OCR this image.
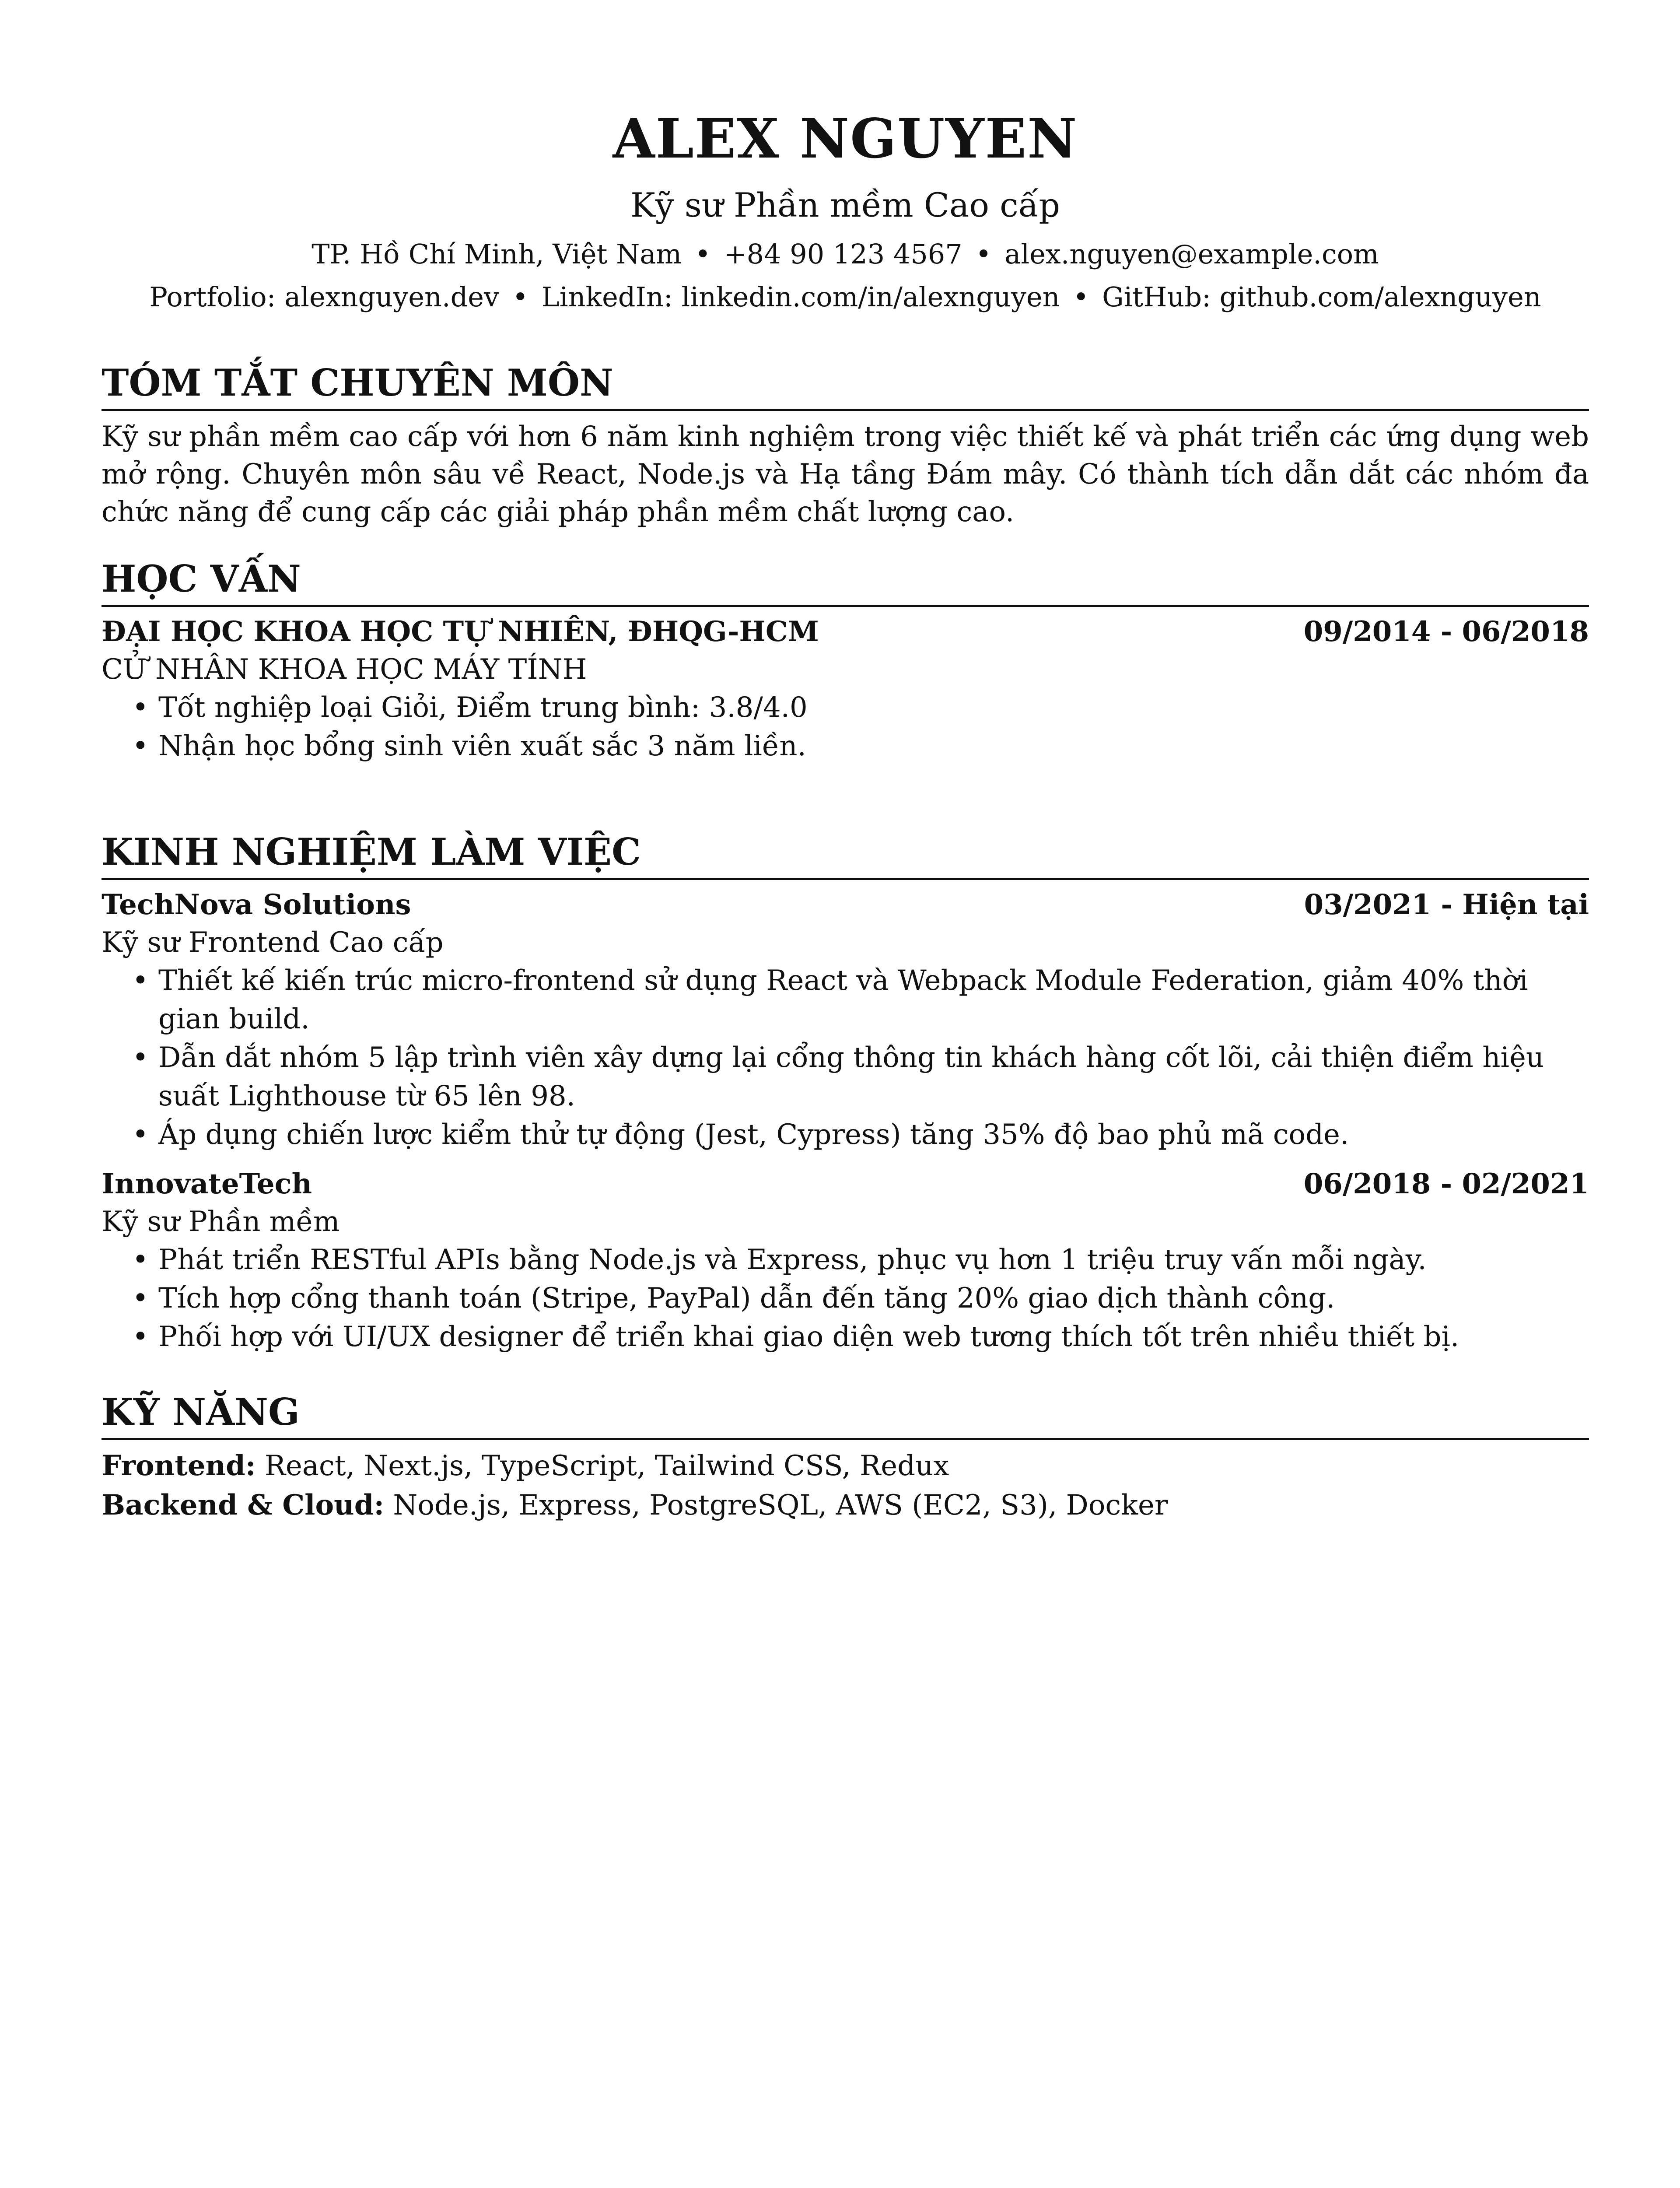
ALEX NGUYEN
Kỹ sư Phần mềm Cao cấp
TP. Hồ Chí Minh, Việt Nam • +84 90 123 4567 • alex.nguyen@example.com
Portfolio: alexnguyen.dev • LinkedIn: linkedin.com/in/alexnguyen • GitHub: github.com/alexnguyen
TÓM TẮT CHUYÊN MÔN
Kỹ sư phần mềm cao cấp với hơn 6 năm kinh nghiệm trong việc thiết kế và phát triển các ứng dụng web mở rộng. Chuyên môn sâu về React, Node.js và Hạ tầng Đám mây. Có thành tích dẫn dắt các nhóm đa chức năng để cung cấp các giải pháp phần mềm chất lượng cao.
HỌC VẤN
ĐẠI HỌC KHOA HỌC TỰ NHIÊN, ĐHQG-HCM	09/2014 - 06/2018
CỬ NHÂN KHOA HỌC MÁY TÍNH
• Tốt nghiệp loại Giỏi, Điểm trung bình: 3.8/4.0
• Nhận học bổng sinh viên xuất sắc 3 năm liền.
KINH NGHIỆM LÀM VIỆC
TechNova Solutions	03/2021 - Hiện tại
Kỹ sư Frontend Cao cấp
• Thiết kế kiến trúc micro-frontend sử dụng React và Webpack Module Federation, giảm 40% thời gian build.
• Dẫn dắt nhóm 5 lập trình viên xây dựng lại cổng thông tin khách hàng cốt lõi, cải thiện điểm hiệu suất Lighthouse từ 65 lên 98.
• Áp dụng chiến lược kiểm thử tự động (Jest, Cypress) tăng 35% độ bao phủ mã code.
InnovateTech	06/2018 - 02/2021
Kỹ sư Phần mềm
• Phát triển RESTful APIs bằng Node.js và Express, phục vụ hơn 1 triệu truy vấn mỗi ngày.
• Tích hợp cổng thanh toán (Stripe, PayPal) dẫn đến tăng 20% giao dịch thành công.
• Phối hợp với UI/UX designer để triển khai giao diện web tương thích tốt trên nhiều thiết bị.
KỸ NĂNG
Frontend: React, Next.js, TypeScript, Tailwind CSS, Redux
Backend & Cloud: Node.js, Express, PostgreSQL, AWS (EC2, S3), Docker
